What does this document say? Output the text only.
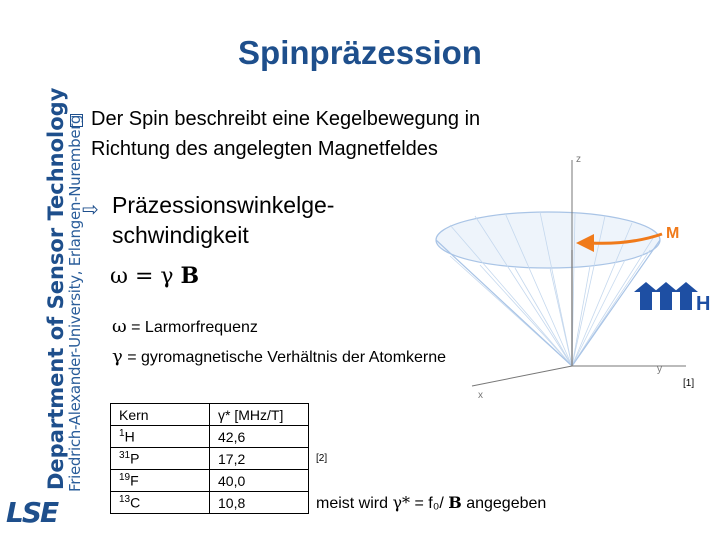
Department of Sensor Technology
Friedrich-Alexander-University, Erlangen-Nuremberg
LSE
Spinpräzession
Der Spin beschreibt eine Kegelbewegung in
Richtung des angelegten Magnetfeldes
⇨ Präzessionswinkelge-
schwindigkeit
ω = γ B
ω = Larmorfrequenz
γ = gyromagnetische Verhältnis der Atomkerne
z
x
y
M
H
[1]
Kern	γ* [MHz/T]
$^1$H	42,6
$^{31}$P	17,2
$^{19}$F	40,0
$^{13}$C	10,8
[2]
meist wird γ* = f₀/ B angegeben
